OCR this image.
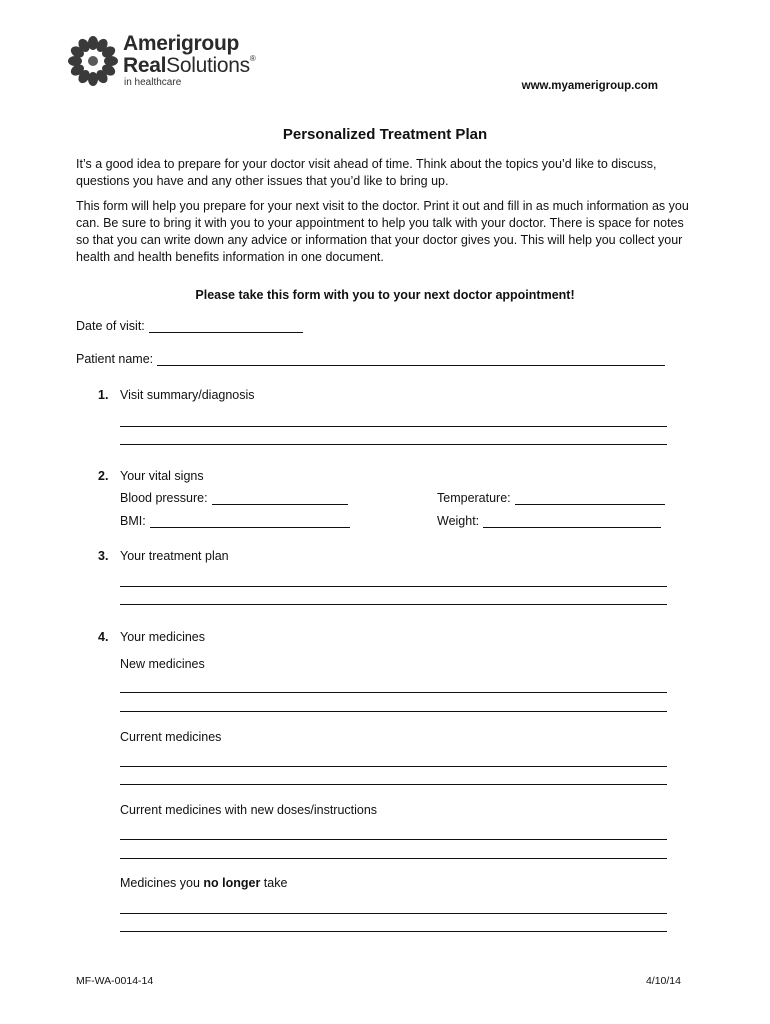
Amerigroup
RealSolutions®
in healthcare	www.myamerigroup.com
Personalized Treatment Plan
It’s a good idea to prepare for your doctor visit ahead of time. Think about the topics you’d like to discuss, questions you have and any other issues that you’d like to bring up.
This form will help you prepare for your next visit to the doctor. Print it out and fill in as much information as you can. Be sure to bring it with you to your appointment to help you talk with your doctor. There is space for notes so that you can write down any advice or information that your doctor gives you. This will help you collect your health and health benefits information in one document.
Please take this form with you to your next doctor appointment!
Date of visit:
Patient name:
1. Visit summary/diagnosis
2. Your vital signs
Blood pressure:	Temperature:
BMI:	Weight:
3. Your treatment plan
4. Your medicines
New medicines
Current medicines
Current medicines with new doses/instructions
Medicines you no longer take
MF-WA-0014-14	4/10/14
